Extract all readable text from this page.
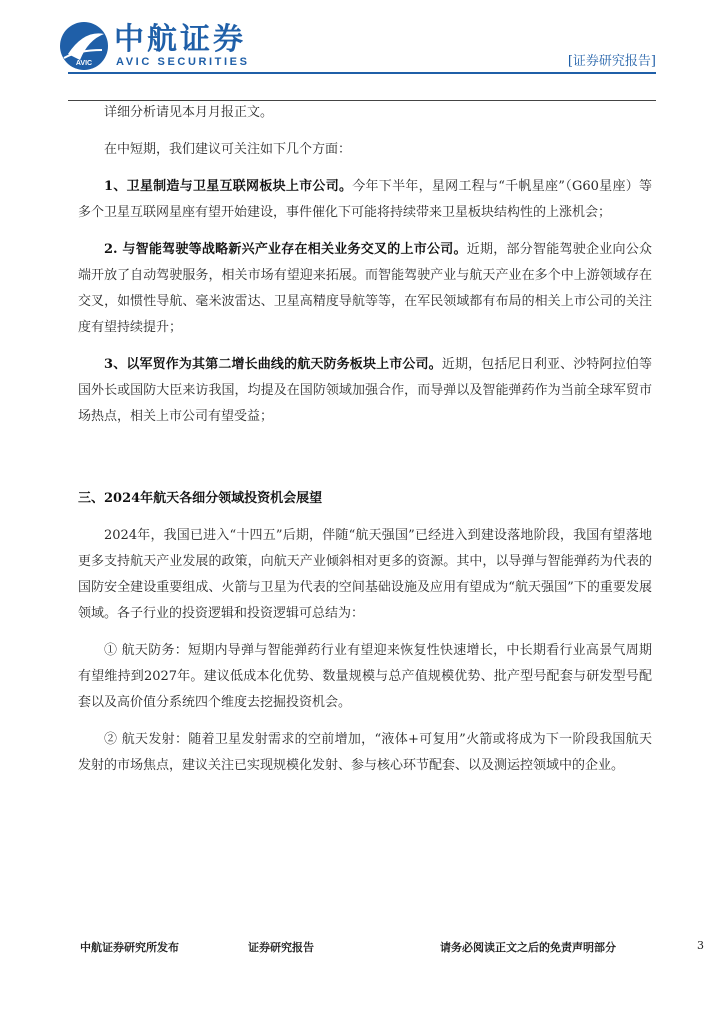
AVIC
中航证券
AVIC SECURITIES	[证券研究报告]

详细分析请见本月月报正文。

在中短期，我们建议可关注如下几个方面：

1、卫星制造与卫星互联网板块上市公司。今年下半年，星网工程与“千帆星座”（G60星座）等多个卫星互联网星座有望开始建设，事件催化下可能将持续带来卫星板块结构性的上涨机会；

2. 与智能驾驶等战略新兴产业存在相关业务交叉的上市公司。近期，部分智能驾驶企业向公众端开放了自动驾驶服务，相关市场有望迎来拓展。而智能驾驶产业与航天产业在多个中上游领域存在交叉，如惯性导航、毫米波雷达、卫星高精度导航等等，在军民领域都有布局的相关上市公司的关注度有望持续提升；

3、以军贸作为其第二增长曲线的航天防务板块上市公司。近期，包括尼日利亚、沙特阿拉伯等国外长或国防大臣来访我国，均提及在国防领域加强合作，而导弹以及智能弹药作为当前全球军贸市场热点，相关上市公司有望受益；

三、2024年航天各细分领域投资机会展望

2024年，我国已进入“十四五”后期，伴随“航天强国”已经进入到建设落地阶段，我国有望落地更多支持航天产业发展的政策，向航天产业倾斜相对更多的资源。其中，以导弹与智能弹药为代表的国防安全建设重要组成、火箭与卫星为代表的空间基础设施及应用有望成为“航天强国”下的重要发展领域。各子行业的投资逻辑和投资逻辑可总结为：

① 航天防务：短期内导弹与智能弹药行业有望迎来恢复性快速增长，中长期看行业高景气周期有望维持到2027年。建议低成本化优势、数量规模与总产值规模优势、批产型号配套与研发型号配套以及高价值分系统四个维度去挖掘投资机会。

② 航天发射：随着卫星发射需求的空前增加，“液体+可复用”火箭或将成为下一阶段我国航天发射的市场焦点，建议关注已实现规模化发射、参与核心环节配套、以及测运控领域中的企业。

中航证券研究所发布	证券研究报告	请务必阅读正文之后的免责声明部分	3
